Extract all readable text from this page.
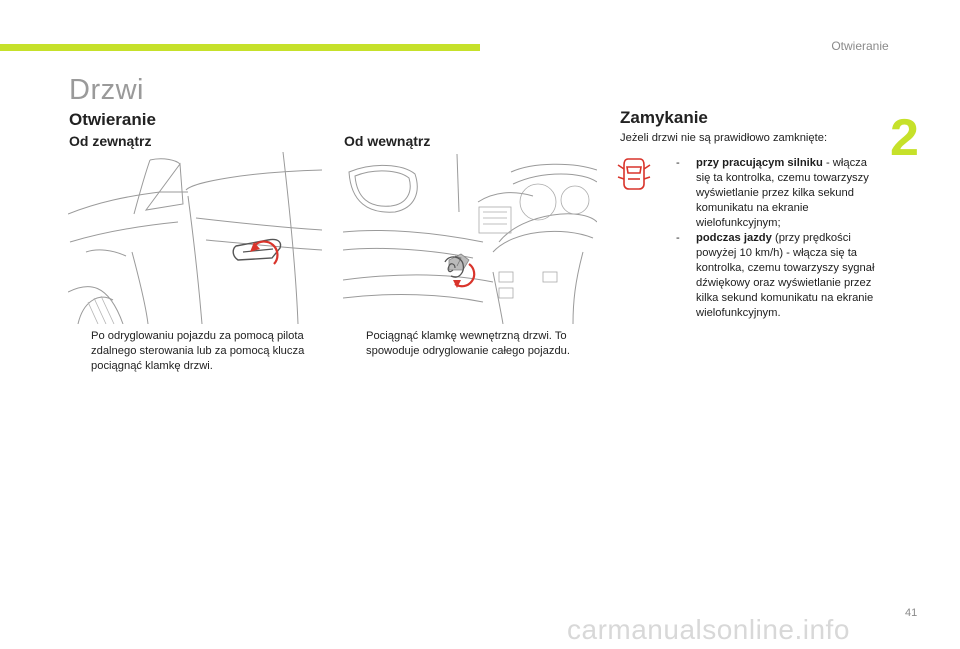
Otwieranie
2
Drzwi
Otwieranie
Od zewnątrz	Od wewnątrz
Po odryglowaniu pojazdu za pomocą pilota zdalnego sterowania lub za pomocą klucza pociągnąć klamkę drzwi.
Pociągnąć klamkę wewnętrzną drzwi. To spowoduje odryglowanie całego pojazdu.
Zamykanie
Jeżeli drzwi nie są prawidłowo zamknięte:
-	przy pracującym silniku - włącza się ta kontrolka, czemu towarzyszy wyświetlanie przez kilka sekund komunikatu na ekranie wielofunkcyjnym;
-	podczas jazdy (przy prędkości powyżej 10 km/h) - włącza się ta kontrolka, czemu towarzyszy sygnał dźwiękowy oraz wyświetlanie przez kilka sekund komunikatu na ekranie wielofunkcyjnym.
41
carmanualsonline.info
